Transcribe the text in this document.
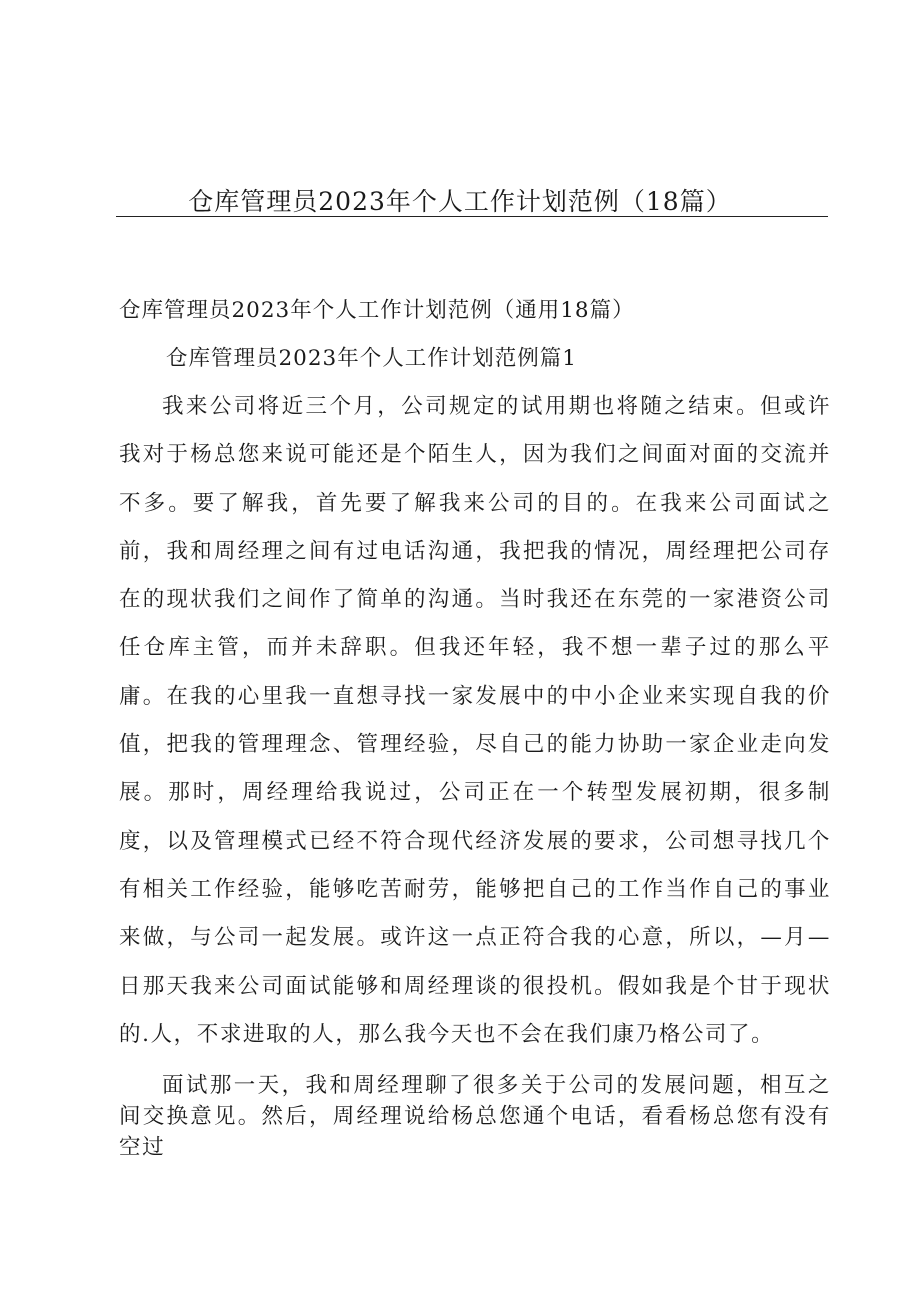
仓库管理员2023年个人工作计划范例（18篇）
仓库管理员2023年个人工作计划范例（通用18篇）
仓库管理员2023年个人工作计划范例篇1

我来公司将近三个月，公司规定的试用期也将随之结束。但或许我对于杨总您来说可能还是个陌生人，因为我们之间面对面的交流并不多。要了解我，首先要了解我来公司的目的。在我来公司面试之前，我和周经理之间有过电话沟通，我把我的情况，周经理把公司存在的现状我们之间作了简单的沟通。当时我还在东莞的一家港资公司任仓库主管，而并未辞职。但我还年轻，我不想一辈子过的那么平庸。在我的心里我一直想寻找一家发展中的中小企业来实现自我的价值，把我的管理理念、管理经验，尽自己的能力协助一家企业走向发展。那时，周经理给我说过，公司正在一个转型发展初期，很多制度，以及管理模式已经不符合现代经济发展的要求，公司想寻找几个有相关工作经验，能够吃苦耐劳，能够把自己的工作当作自己的事业来做，与公司一起发展。或许这一点正符合我的心意，所以，—月—日那天我来公司面试能够和周经理谈的很投机。假如我是个甘于现状的.人，不求进取的人，那么我今天也不会在我们康乃格公司了。

面试那一天，我和周经理聊了很多关于公司的发展问题，相互之间交换意见。然后，周经理说给杨总您通个电话，看看杨总您有没有空过
